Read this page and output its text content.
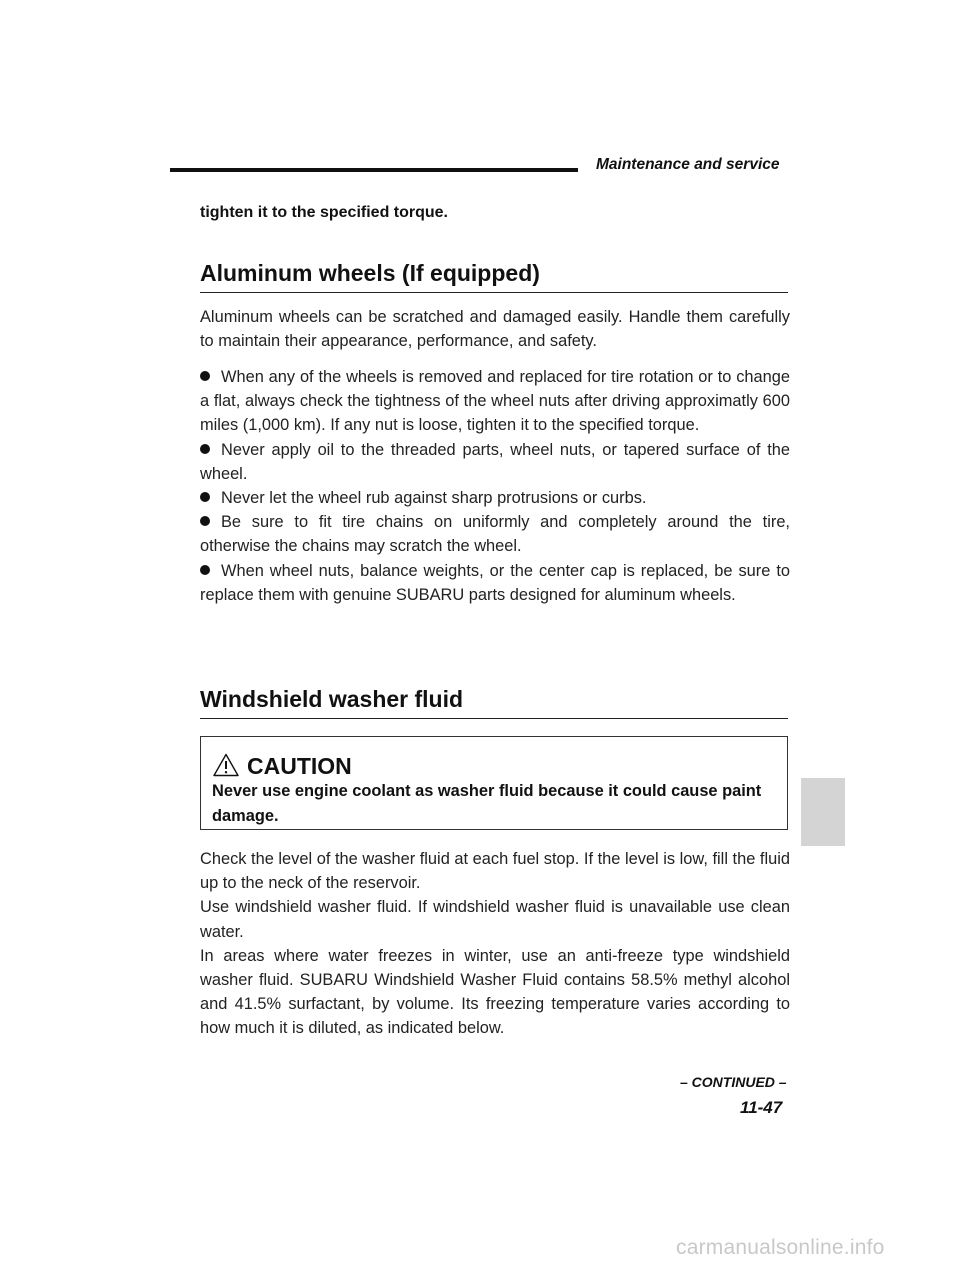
Maintenance and service
tighten it to the specified torque.
Aluminum wheels (If equipped)

Aluminum wheels can be scratched and damaged easily. Handle them carefully to maintain their appearance, performance, and safety.

When any of the wheels is removed and replaced for tire rotation or to change a flat, always check the tightness of the wheel nuts after driving approximatly 600 miles (1,000 km). If any nut is loose, tighten it to the specified torque.

Never apply oil to the threaded parts, wheel nuts, or tapered surface of the wheel.

Never let the wheel rub against sharp protrusions or curbs.

Be sure to fit tire chains on uniformly and completely around the tire, otherwise the chains may scratch the wheel.

When wheel nuts, balance weights, or the center cap is replaced, be sure to replace them with genuine SUBARU parts designed for aluminum wheels.

Windshield washer fluid
CAUTION
Never use engine coolant as washer fluid because it could cause paint damage.

Check the level of the washer fluid at each fuel stop. If the level is low, fill the fluid up to the neck of the reservoir.

Use windshield washer fluid. If windshield washer fluid is unavailable use clean water.

In areas where water freezes in winter, use an anti-freeze type windshield washer fluid. SUBARU Windshield Washer Fluid contains 58.5% methyl alcohol and 41.5% surfactant, by volume. Its freezing temperature varies according to how much it is diluted, as indicated below.

– CONTINUED –
11-47
carmanualsonline.info
